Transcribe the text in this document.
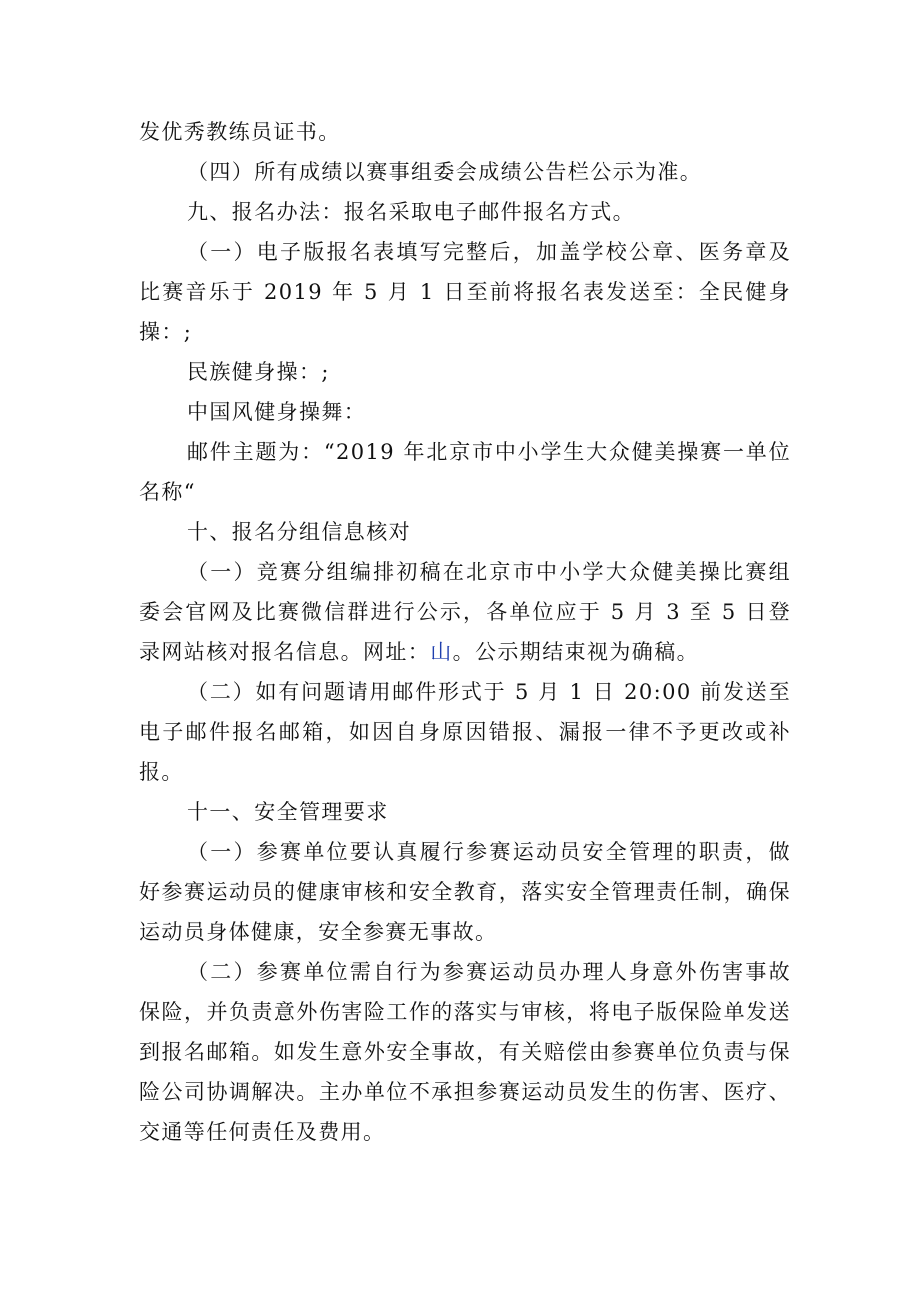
发优秀教练员证书。

（四）所有成绩以赛事组委会成绩公告栏公示为准。

九、报名办法：报名采取电子邮件报名方式。

（一）电子版报名表填写完整后，加盖学校公章、医务章及比赛音乐于 2019 年 5 月 1 日至前将报名表发送至：全民健身操：;

民族健身操：;

中国风健身操舞：

邮件主题为：“2019 年北京市中小学生大众健美操赛一单位名称“

十、报名分组信息核对

（一）竞赛分组编排初稿在北京市中小学大众健美操比赛组委会官网及比赛微信群进行公示，各单位应于 5 月 3 至 5 日登录网站核对报名信息。网址：山。公示期结束视为确稿。

（二）如有问题请用邮件形式于 5 月 1 日 20:00 前发送至电子邮件报名邮箱，如因自身原因错报、漏报一律不予更改或补报。

十一、安全管理要求

（一）参赛单位要认真履行参赛运动员安全管理的职责，做好参赛运动员的健康审核和安全教育，落实安全管理责任制，确保运动员身体健康，安全参赛无事故。

（二）参赛单位需自行为参赛运动员办理人身意外伤害事故保险，并负责意外伤害险工作的落实与审核，将电子版保险单发送到报名邮箱。如发生意外安全事故，有关赔偿由参赛单位负责与保险公司协调解决。主办单位不承担参赛运动员发生的伤害、医疗、交通等任何责任及费用。
